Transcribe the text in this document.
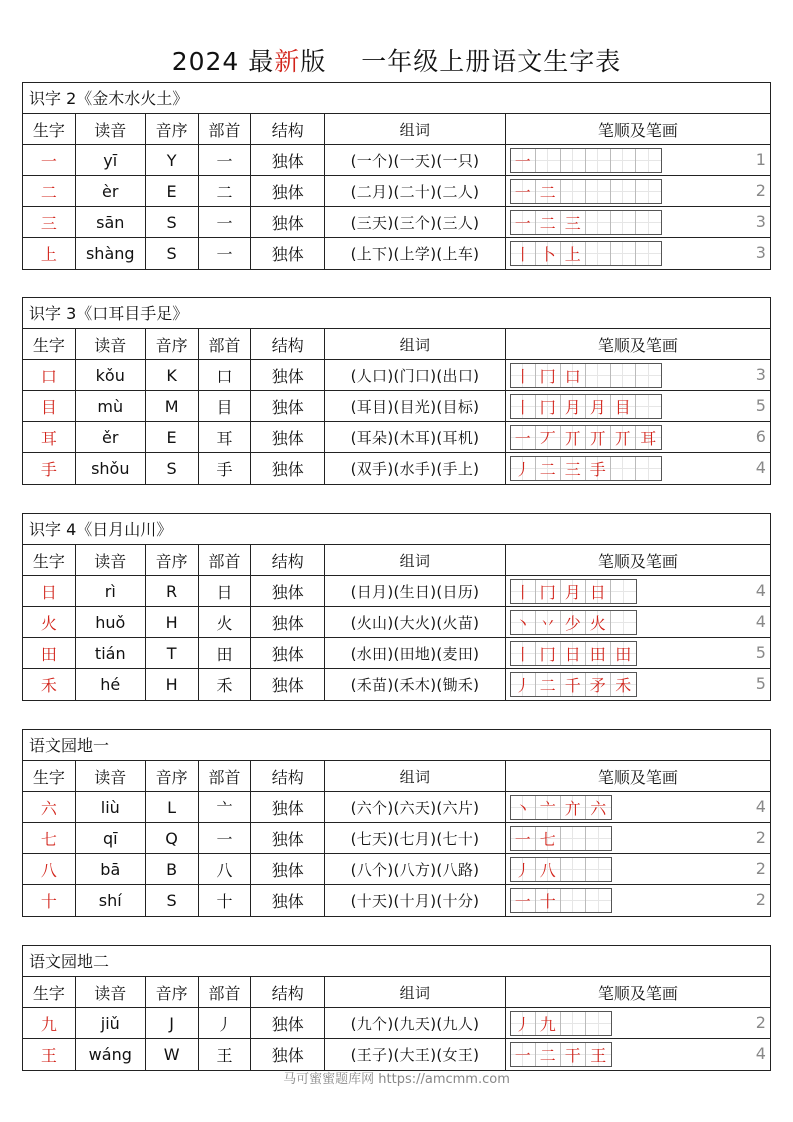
2024 最新版　 一年级上册语文生字表
识字 2《金木水火土》
生字	读音	音序	部首	结构	组词	笔顺及笔画
一	yī	Y	一	独体	(一个)(一天)(一只)	一	1
二	èr	E	二	独体	(二月)(二十)(二人)	一 二	2
三	sān	S	一	独体	(三天)(三个)(三人)	一 二 三	3
上	shàng	S	一	独体	(上下)(上学)(上车)	丨 卜 上	3
识字 3《口耳目手足》
生字	读音	音序	部首	结构	组词	笔顺及笔画
口	kǒu	K	口	独体	(人口)(门口)(出口)	丨 冂 口	3
目	mù	M	目	独体	(耳目)(目光)(目标)	丨 冂 月 月 目	5
耳	ěr	E	耳	独体	(耳朵)(木耳)(耳机)	一 丆 丌 丌 丌 耳	6
手	shǒu	S	手	独体	(双手)(水手)(手上)	丿 二 三 手	4
识字 4《日月山川》
生字	读音	音序	部首	结构	组词	笔顺及笔画
日	rì	R	日	独体	(日月)(生日)(日历)	丨 冂 月 日	4
火	huǒ	H	火	独体	(火山)(大火)(火苗)	丶 丷 少 火	4
田	tián	T	田	独体	(水田)(田地)(麦田)	丨 冂 日 田 田	5
禾	hé	H	禾	独体	(禾苗)(禾木)(锄禾)	丿 二 千 矛 禾	5
语文园地一
生字	读音	音序	部首	结构	组词	笔顺及笔画
六	liù	L	亠	独体	(六个)(六天)(六片)	丶 亠 亣 六	4
七	qī	Q	一	独体	(七天)(七月)(七十)	一 七	2
八	bā	B	八	独体	(八个)(八方)(八路)	丿 八	2
十	shí	S	十	独体	(十天)(十月)(十分)	一 十	2
语文园地二
生字	读音	音序	部首	结构	组词	笔顺及笔画
九	jiǔ	J	丿	独体	(九个)(九天)(九人)	丿 九	2
王	wáng	W	王	独体	(王子)(大王)(女王)	一 二 干 王	4
马可蜜蜜题库网 https://amcmm.com
